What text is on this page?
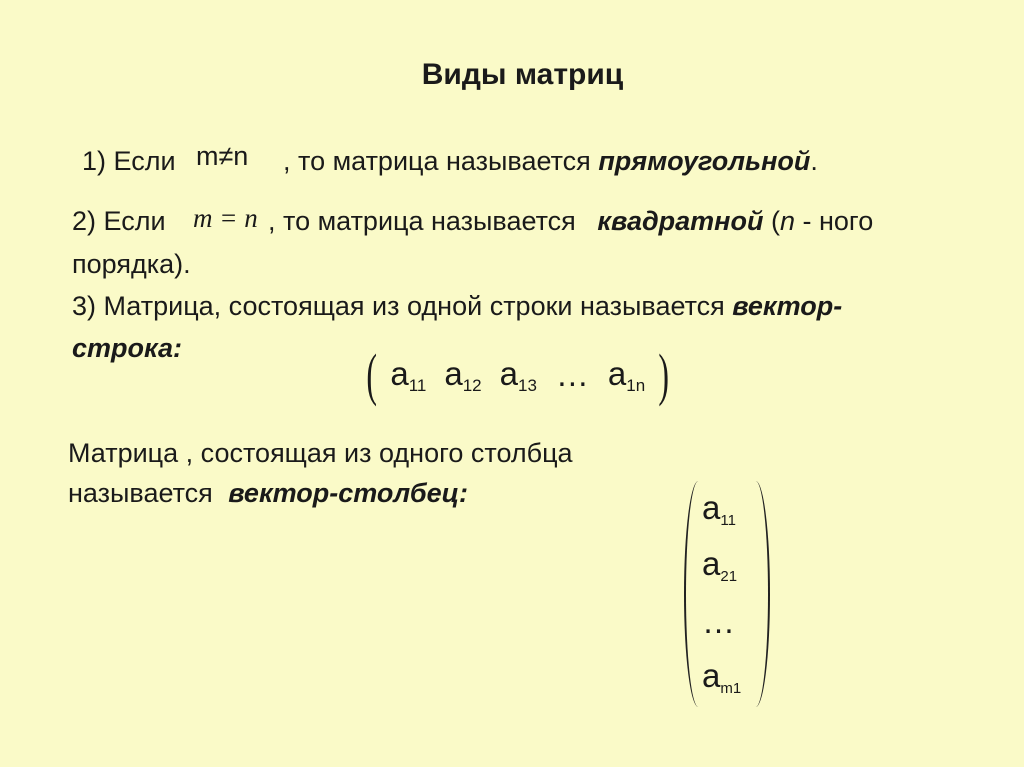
Виды матриц
1) Если m≠n , то матрица называется прямоугольной.
2) Если m = n , то матрица называется квадратной (n - ного
порядка).
3) Матрица, состоящая из одной строки называется вектор-
строка:	( $a_{11}$ $a_{12}$ $a_{13}$ … $a_{1n}$ )
Матрица , состоящая из одного столбца
называется вектор-столбец:	$a_{11}$
$a_{21}$
…
$a_{m1}$
